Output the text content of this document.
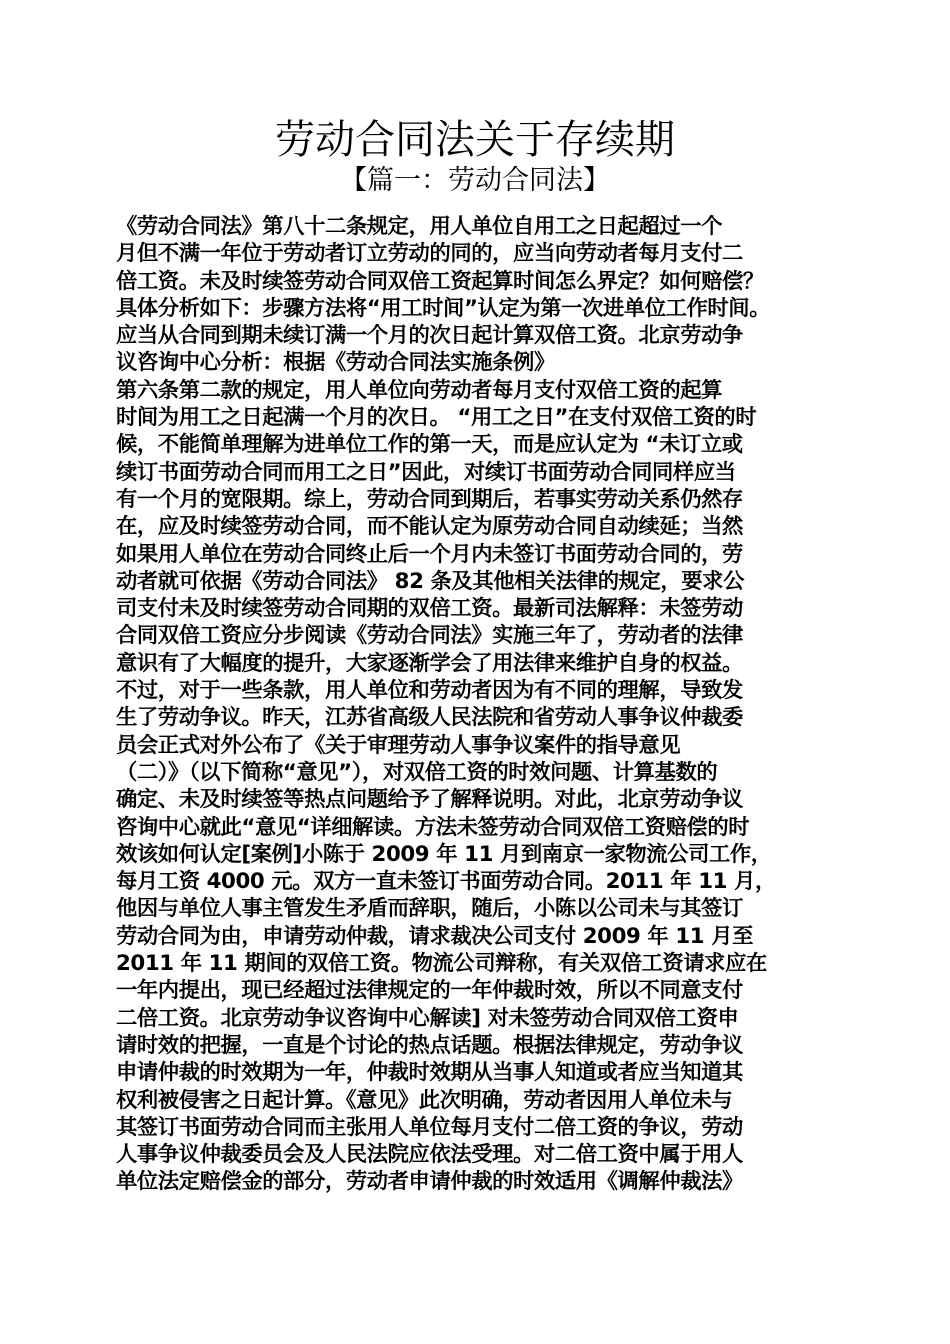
劳动合同法关于存续期
【篇一：劳动合同法】
《劳动合同法》第八十二条规定，用人单位自用工之日起超过一个
月但不满一年位于劳动者订立劳动的同的，应当向劳动者每月支付二
倍工资。未及时续签劳动合同双倍工资起算时间怎么界定？如何赔偿？
具体分析如下：步骤方法将“用工时间”认定为第一次进单位工作时间。
应当从合同到期未续订满一个月的次日起计算双倍工资。北京劳动争
议咨询中心分析：根据《劳动合同法实施条例》
第六条第二款的规定，用人单位向劳动者每月支付双倍工资的起算
时间为用工之日起满一个月的次日。 “用工之日”在支付双倍工资的时
候，不能简单理解为进单位工作的第一天，而是应认定为 “未订立或
续订书面劳动合同而用工之日”因此，对续订书面劳动合同同样应当
有一个月的宽限期。综上，劳动合同到期后，若事实劳动关系仍然存
在，应及时续签劳动合同，而不能认定为原劳动合同自动续延；当然
如果用人单位在劳动合同终止后一个月内未签订书面劳动合同的，劳
动者就可依据《劳动合同法》 82 条及其他相关法律的规定，要求公
司支付未及时续签劳动合同期的双倍工资。最新司法解释：未签劳动
合同双倍工资应分步阅读《劳动合同法》实施三年了，劳动者的法律
意识有了大幅度的提升，大家逐渐学会了用法律来维护自身的权益。
不过，对于一些条款，用人单位和劳动者因为有不同的理解，导致发
生了劳动争议。昨天，江苏省高级人民法院和省劳动人事争议仲裁委
员会正式对外公布了《关于审理劳动人事争议案件的指导意见
（二）》（以下简称“意见”），对双倍工资的时效问题、计算基数的
确定、未及时续签等热点问题给予了解释说明。对此，北京劳动争议
咨询中心就此“意见“详细解读。方法未签劳动合同双倍工资赔偿的时
效该如何认定[案例]小陈于 2009 年 11 月到南京一家物流公司工作，
每月工资 4000 元。双方一直未签订书面劳动合同。2011 年 11 月，
他因与单位人事主管发生矛盾而辞职，随后，小陈以公司未与其签订
劳动合同为由，申请劳动仲裁，请求裁决公司支付 2009 年 11 月至
2011 年 11 期间的双倍工资。物流公司辩称，有关双倍工资请求应在
一年内提出，现已经超过法律规定的一年仲裁时效，所以不同意支付
二倍工资。北京劳动争议咨询中心解读] 对未签劳动合同双倍工资申
请时效的把握，一直是个讨论的热点话题。根据法律规定，劳动争议
申请仲裁的时效期为一年，仲裁时效期从当事人知道或者应当知道其
权利被侵害之日起计算。《意见》此次明确，劳动者因用人单位未与
其签订书面劳动合同而主张用人单位每月支付二倍工资的争议，劳动
人事争议仲裁委员会及人民法院应依法受理。对二倍工资中属于用人
单位法定赔偿金的部分，劳动者申请仲裁的时效适用《调解仲裁法》
